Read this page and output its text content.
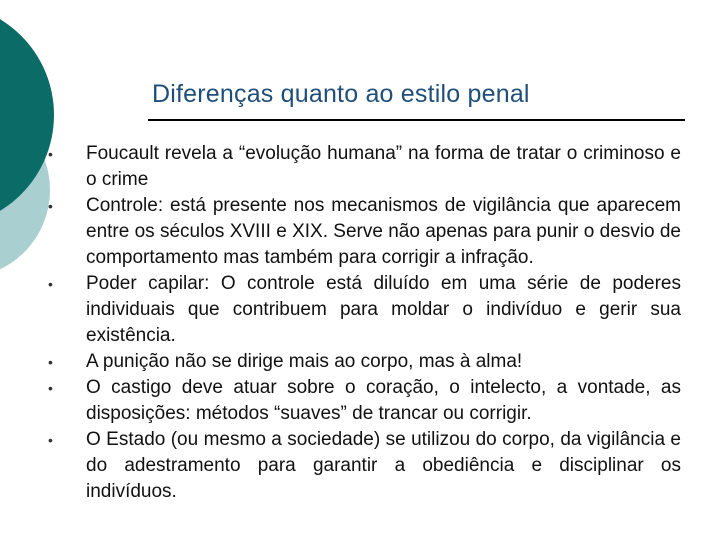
Diferenças quanto ao estilo penal
• Foucault revela a “evolução humana” na forma de tratar o criminoso e o crime
• Controle: está presente nos mecanismos de vigilância que aparecem entre os séculos XVIII e XIX. Serve não apenas para punir o desvio de comportamento mas também para corrigir a infração.
• Poder capilar: O controle está diluído em uma série de poderes individuais que contribuem para moldar o indivíduo e gerir sua existência.
• A punição não se dirige mais ao corpo, mas à alma!
• O castigo deve atuar sobre o coração, o intelecto, a vontade, as disposições: métodos “suaves” de trancar ou corrigir.
• O Estado (ou mesmo a sociedade) se utilizou do corpo, da vigilância e do adestramento para garantir a obediência e disciplinar os indivíduos.
